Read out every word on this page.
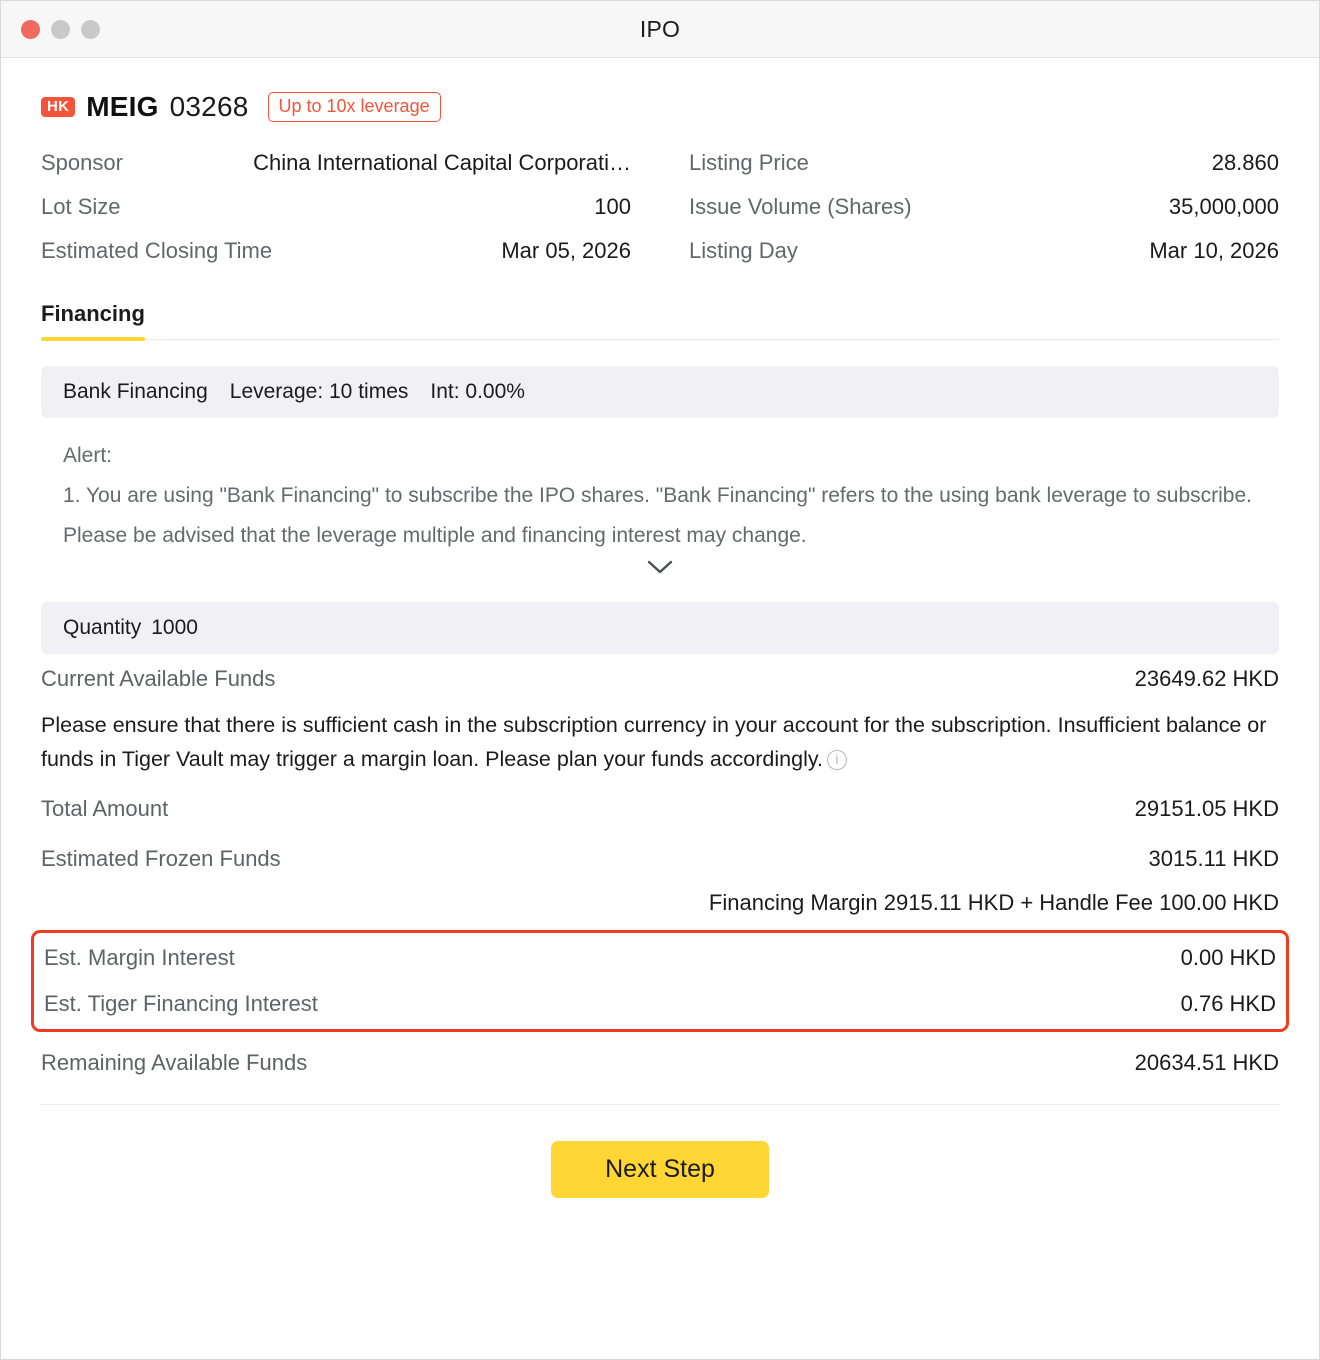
IPO
HK MEIG 03268	Up to 10x leverage
Sponsor	China International Capital Corporati…	Listing Price	28.860
Lot Size	100	Issue Volume (Shares)	35,000,000
Estimated Closing Time	Mar 05, 2026	Listing Day	Mar 10, 2026
Financing
Bank Financing Leverage: 10 times Int: 0.00%
Alert:
1. You are using "Bank Financing" to subscribe the IPO shares. "Bank Financing" refers to the using bank leverage to subscribe. Please be advised that the leverage multiple and financing interest may change.
Quantity 1000
Current Available Funds	23649.62 HKD
Please ensure that there is sufficient cash in the subscription currency in your account for the subscription. Insufficient balance or funds in Tiger Vault may trigger a margin loan. Please plan your funds accordingly. i
Total Amount	29151.05 HKD
Estimated Frozen Funds	3015.11 HKD
Financing Margin 2915.11 HKD + Handle Fee 100.00 HKD
Est. Margin Interest	0.00 HKD
Est. Tiger Financing Interest	0.76 HKD
Remaining Available Funds	20634.51 HKD
Next Step
